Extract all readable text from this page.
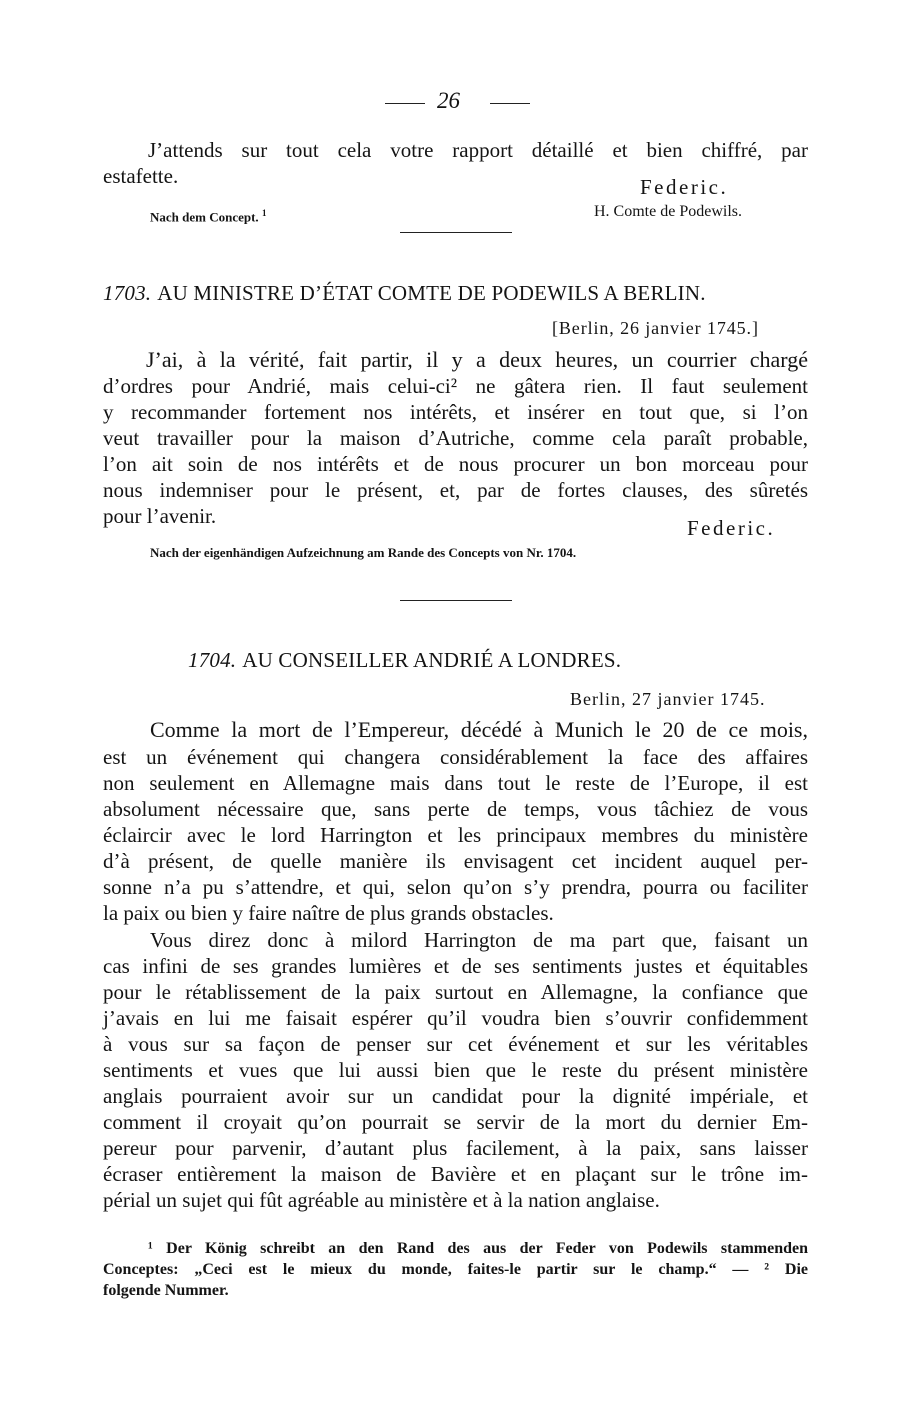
26
J’attends sur tout cela votre rapport détaillé et bien chiffré, par
estafette.	Federic.
Nach dem Concept. $^1$	H. Comte de Podewils.
1703. AU MINISTRE D’ÉTAT COMTE DE PODEWILS A BERLIN.
[Berlin, 26 janvier 1745.]
J’ai, à la vérité, fait partir, il y a deux heures, un courrier chargé
d’ordres pour Andrié, mais celui-ci² ne gâtera rien. Il faut seulement
y recommander fortement nos intérêts, et insérer en tout que, si l’on
veut travailler pour la maison d’Autriche, comme cela paraît probable,
l’on ait soin de nos intérêts et de nous procurer un bon morceau pour
nous indemniser pour le présent, et, par de fortes clauses, des sûretés
pour l’avenir.	Federic.
Nach der eigenhändigen Aufzeichnung am Rande des Concepts von Nr. 1704.
1704. AU CONSEILLER ANDRIÉ A LONDRES.
Berlin, 27 janvier 1745.
Comme la mort de l’Empereur, décédé à Munich le 20 de ce mois,
est un événement qui changera considérablement la face des affaires
non seulement en Allemagne mais dans tout le reste de l’Europe, il est
absolument nécessaire que, sans perte de temps, vous tâchiez de vous
éclaircir avec le lord Harrington et les principaux membres du ministère
d’à présent, de quelle manière ils envisagent cet incident auquel per-
sonne n’a pu s’attendre, et qui, selon qu’on s’y prendra, pourra ou faciliter
la paix ou bien y faire naître de plus grands obstacles.
Vous direz donc à milord Harrington de ma part que, faisant un
cas infini de ses grandes lumières et de ses sentiments justes et équitables
pour le rétablissement de la paix surtout en Allemagne, la confiance que
j’avais en lui me faisait espérer qu’il voudra bien s’ouvrir confidemment
à vous sur sa façon de penser sur cet événement et sur les véritables
sentiments et vues que lui aussi bien que le reste du présent ministère
anglais pourraient avoir sur un candidat pour la dignité impériale, et
comment il croyait qu’on pourrait se servir de la mort du dernier Em-
pereur pour parvenir, d’autant plus facilement, à la paix, sans laisser
écraser entièrement la maison de Bavière et en plaçant sur le trône im-
périal un sujet qui fût agréable au ministère et à la nation anglaise.
¹ Der König schreibt an den Rand des aus der Feder von Podewils stammenden
Conceptes: „Ceci est le mieux du monde, faites-le partir sur le champ.“ — ² Die
folgende Nummer.
